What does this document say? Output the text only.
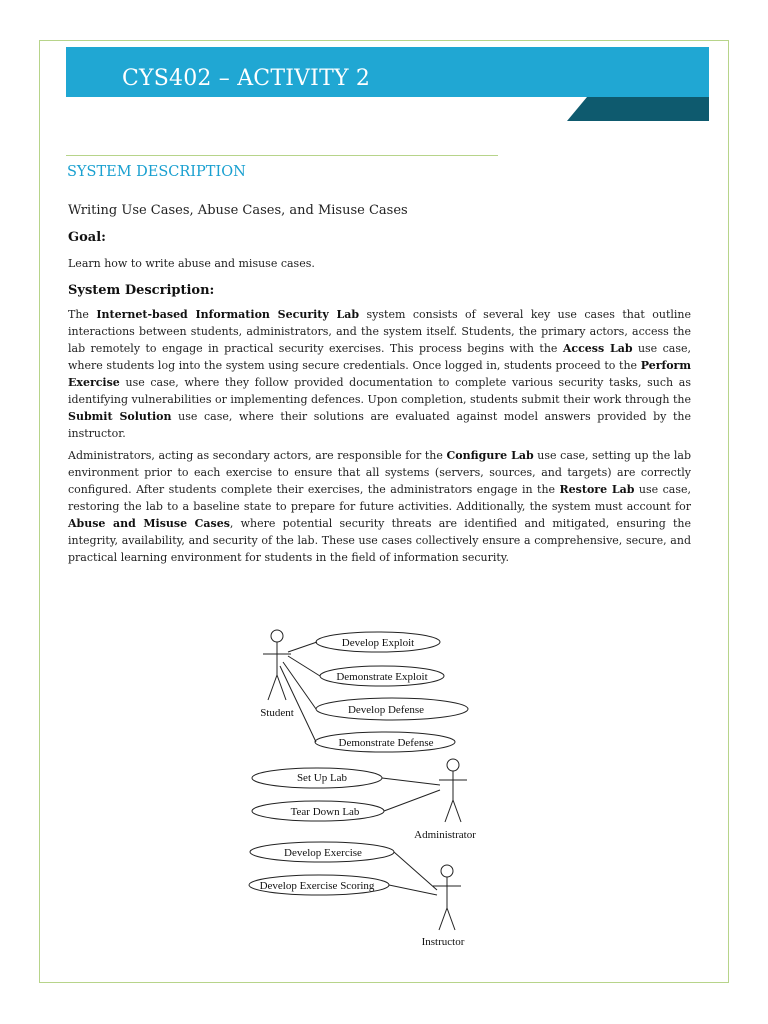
CYS402 – ACTIVITY 2
SYSTEM DESCRIPTION
Writing Use Cases, Abuse Cases, and Misuse Cases
Goal:
Learn how to write abuse and misuse cases.
System Description:

The Internet-based Information Security Lab system consists of several key use cases that outline interactions between students, administrators, and the system itself. Students, the primary actors, access the lab remotely to engage in practical security exercises. This process begins with the Access Lab use case, where students log into the system using secure credentials. Once logged in, students proceed to the Perform Exercise use case, where they follow provided documentation to complete various security tasks, such as identifying vulnerabilities or implementing defences. Upon completion, students submit their work through the Submit Solution use case, where their solutions are evaluated against model answers provided by the instructor.

Administrators, acting as secondary actors, are responsible for the Configure Lab use case, setting up the lab environment prior to each exercise to ensure that all systems (servers, sources, and targets) are correctly configured. After students complete their exercises, the administrators engage in the Restore Lab use case, restoring the lab to a baseline state to prepare for future activities. Additionally, the system must account for Abuse and Misuse Cases, where potential security threats are identified and mitigated, ensuring the integrity, availability, and security of the lab. These use cases collectively ensure a comprehensive, secure, and practical learning environment for students in the field of information security.

Student
Administrator
Instructor
Develop Exploit
Demonstrate Exploit
Develop Defense
Demonstrate Defense
Set Up Lab
Tear Down Lab
Develop Exercise
Develop Exercise Scoring
